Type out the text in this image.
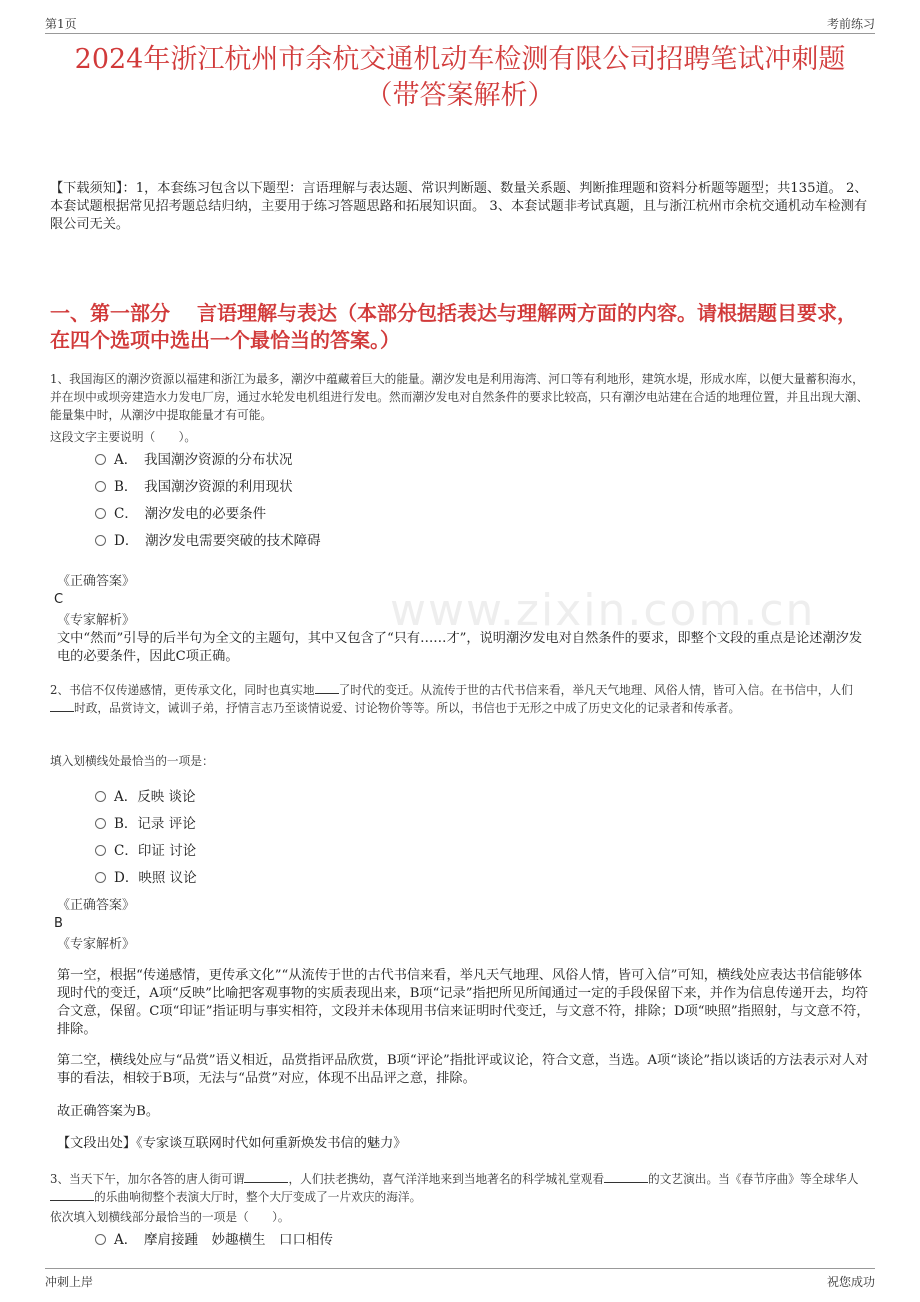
第1页	考前练习
www.zixin.com.cn
2024年浙江杭州市余杭交通机动车检测有限公司招聘笔试冲刺题（带答案解析）

【下载须知】：1，本套练习包含以下题型：言语理解与表达题、常识判断题、数量关系题、判断推理题和资料分析题等题型；共135道。 2、本套试题根据常见招考题总结归纳，主要用于练习答题思路和拓展知识面。 3、本套试题非考试真题，且与浙江杭州市余杭交通机动车检测有限公司无关。

一、第一部分　 言语理解与表达（本部分包括表达与理解两方面的内容。请根据题目要求，在四个选项中选出一个最恰当的答案。）

1、我国海区的潮汐资源以福建和浙江为最多，潮汐中蕴藏着巨大的能量。潮汐发电是利用海湾、河口等有利地形，建筑水堤，形成水库，以便大量蓄积海水，并在坝中或坝旁建造水力发电厂房，通过水轮发电机组进行发电。然而潮汐发电对自然条件的要求比较高，只有潮汐电站建在合适的地理位置，并且出现大潮、能量集中时，从潮汐中提取能量才有可能。

这段文字主要说明（　　）。

A．　我国潮汐资源的分布状况
B．　我国潮汐资源的利用现状
C．　潮汐发电的必要条件
D．　潮汐发电需要突破的技术障碍
《正确答案》
C
《专家解析》

文中“然而”引导的后半句为全文的主题句，其中又包含了“只有……才”，说明潮汐发电对自然条件的要求，即整个文段的重点是论述潮汐发电的必要条件，因此C项正确。

2、书信不仅传递感情，更传承文化，同时也真实地 了时代的变迁。从流传于世的古代书信来看，举凡天气地理、风俗人情，皆可入信。在书信中，人们时政，品赏诗文，诫训子弟，抒情言志乃至谈情说爱、讨论物价等等。所以，书信也于无形之中成了历史文化的记录者和传承者。

填入划横线处最恰当的一项是：

A．反映 谈论
B．记录 评论
C．印证 讨论
D．映照 议论
《正确答案》
B
《专家解析》

第一空，根据“传递感情，更传承文化”“从流传于世的古代书信来看，举凡天气地理、风俗人情，皆可入信”可知，横线处应表达书信能够体现时代的变迁，A项“反映”比喻把客观事物的实质表现出来，B项“记录”指把所见所闻通过一定的手段保留下来，并作为信息传递开去，均符合文意，保留。C项“印证”指证明与事实相符，文段并未体现用书信来证明时代变迁，与文意不符，排除；D项“映照”指照射，与文意不符，排除。

第二空，横线处应与“品赏”语义相近，品赏指评品欣赏，B项“评论”指批评或议论，符合文意，当选。A项“谈论”指以谈话的方法表示对人对事的看法，相较于B项，无法与“品赏”对应，体现不出品评之意，排除。

故正确答案为B。

【文段出处】《专家谈互联网时代如何重新焕发书信的魅力》

3、当天下午，加尔各答的唐人街可谓	，人们扶老携幼，喜气洋洋地来到当地著名的科学城礼堂观看	的文艺演出。当《春节序曲》等全球华人的乐曲响彻整个表演大厅时，整个大厅变成了一片欢庆的海洋。

依次填入划横线部分最恰当的一项是（　　）。

A．　摩肩接踵　妙趣横生　口口相传
冲刺上岸	祝您成功
